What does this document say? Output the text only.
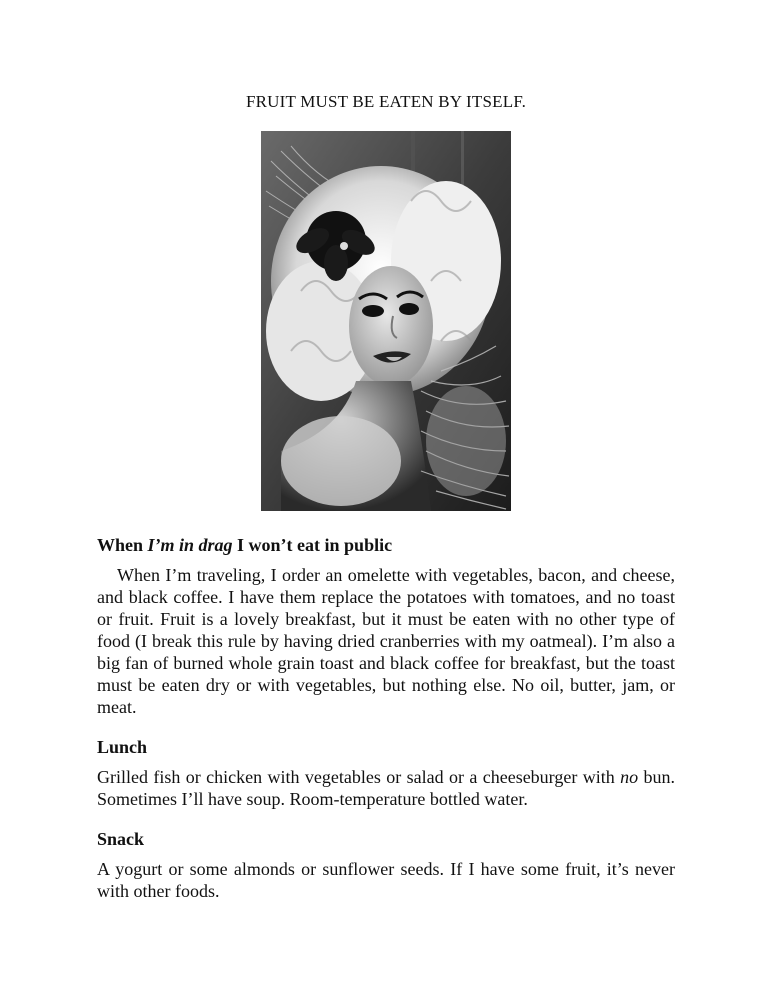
FRUIT MUST BE EATEN BY ITSELF.
When I’m in drag I won’t eat in public

When I’m traveling, I order an omelette with vegetables, bacon, and cheese, and black coffee. I have them replace the potatoes with tomatoes, and no toast or fruit. Fruit is a lovely breakfast, but it must be eaten with no other type of food (I break this rule by having dried cranberries with my oatmeal). I’m also a big fan of burned whole grain toast and black coffee for breakfast, but the toast must be eaten dry or with vegetables, but nothing else. No oil, butter, jam, or meat.

Lunch

Grilled fish or chicken with vegetables or salad or a cheeseburger with no bun. Sometimes I’ll have soup. Room-temperature bottled water.

Snack

A yogurt or some almonds or sunflower seeds. If I have some fruit, it’s never with other foods.
